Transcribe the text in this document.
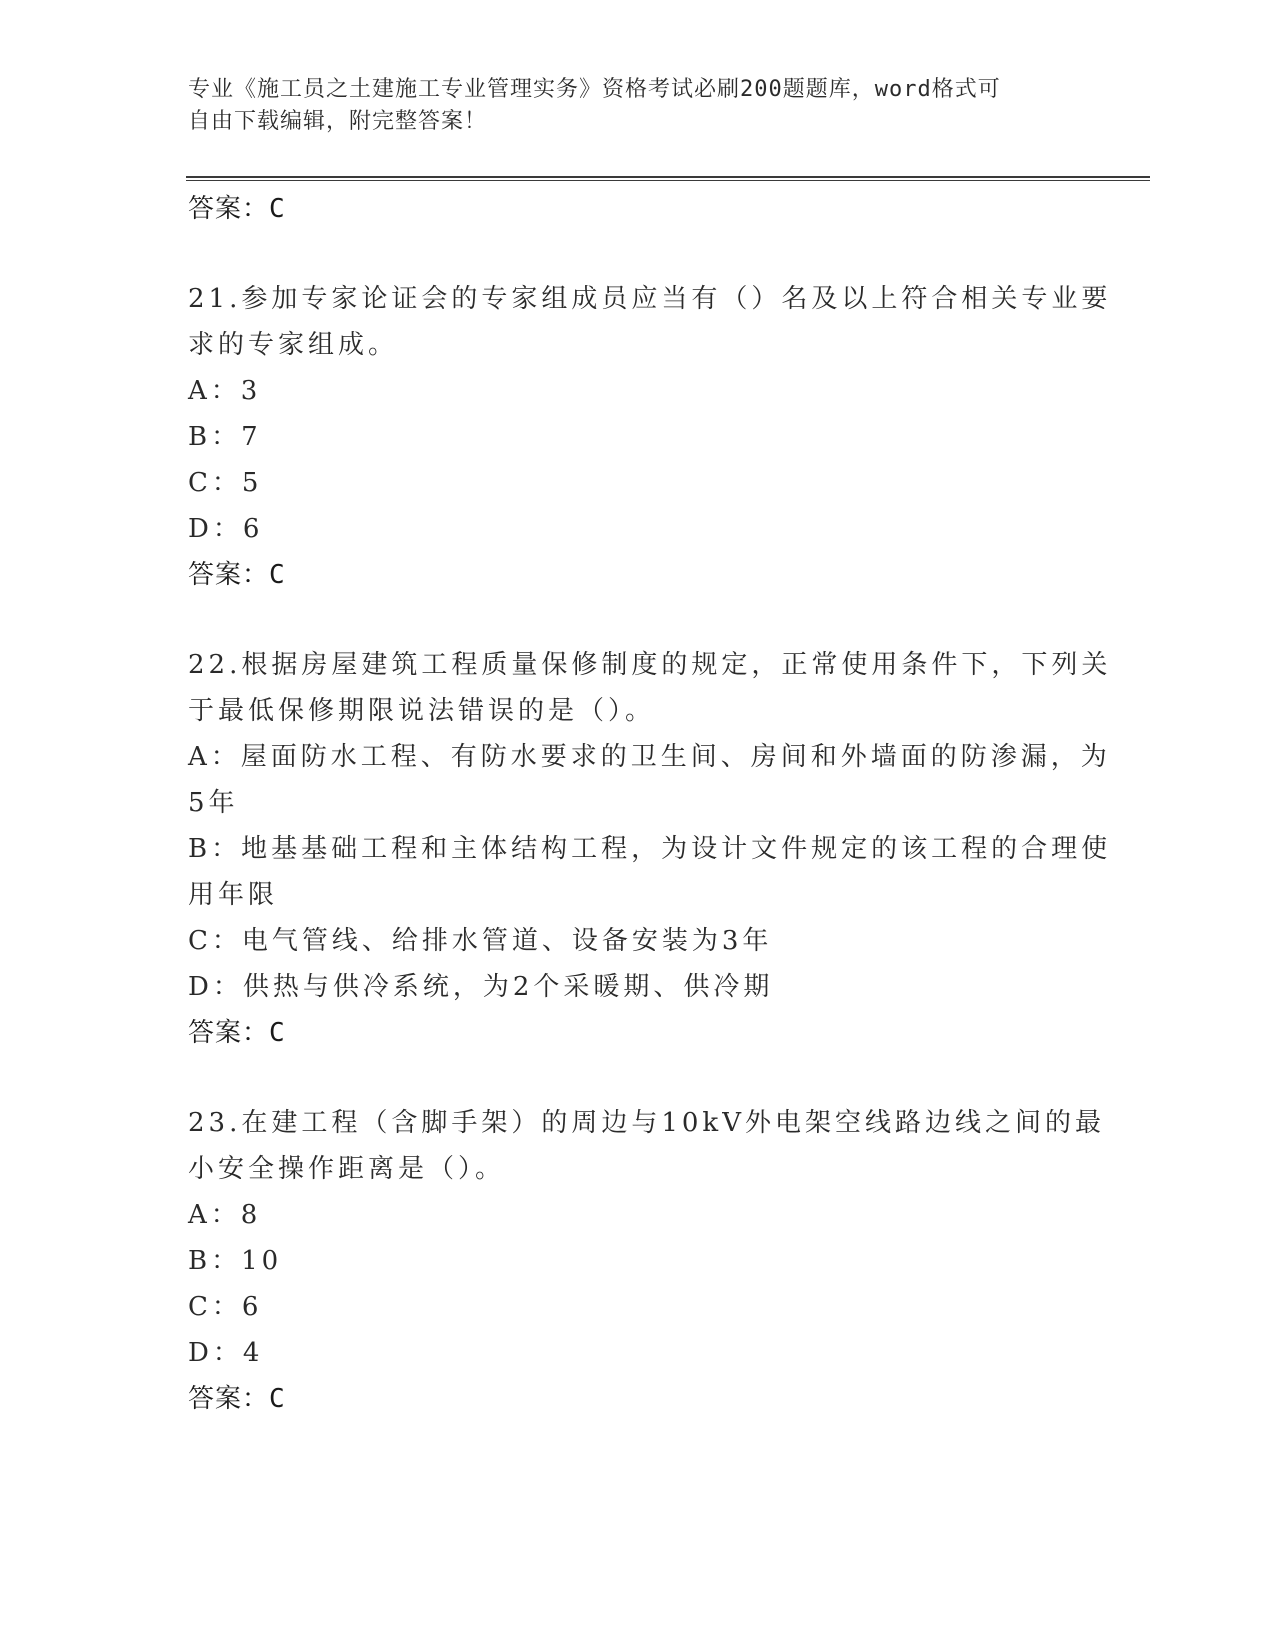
专业《施工员之土建施工专业管理实务》资格考试必刷200题题库，word格式可
自由下载编辑，附完整答案！
答案：C
21.参加专家论证会的专家组成员应当有（）名及以上符合相关专业要
求的专家组成。
A：3
B：7
C：5
D：6
答案：C
22.根据房屋建筑工程质量保修制度的规定，正常使用条件下，下列关
于最低保修期限说法错误的是（）。
A：屋面防水工程、有防水要求的卫生间、房间和外墙面的防渗漏，为
5年
B：地基基础工程和主体结构工程，为设计文件规定的该工程的合理使
用年限
C：电气管线、给排水管道、设备安装为3年
D：供热与供冷系统，为2个采暖期、供冷期
答案：C
23.在建工程（含脚手架）的周边与10kV外电架空线路边线之间的最
小安全操作距离是（）。
A：8
B：10
C：6
D：4
答案：C
